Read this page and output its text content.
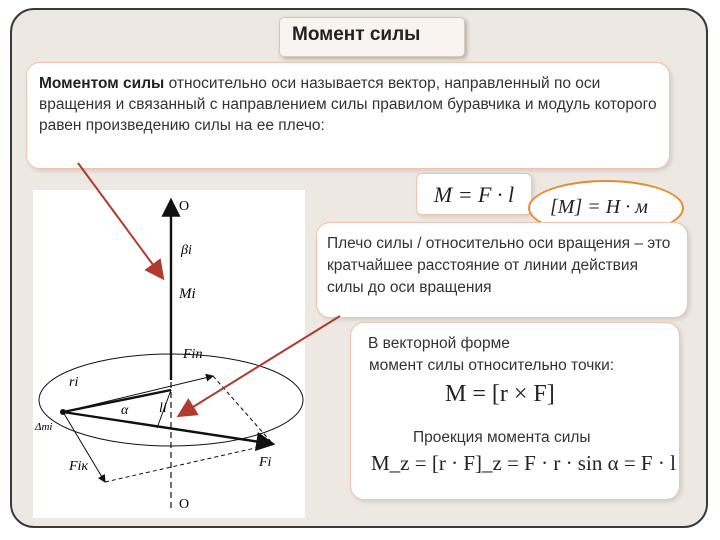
Момент силы
Моментом силы относительно оси называется вектор, направленный по оси вращения и связанный с направлением силы правилом буравчика и модуль которого равен произведению силы на ее плечо:
M = F · l	[M] = H · м
Плечо силы / относительно оси вращения – это кратчайшее расстояние от линии действия силы до оси вращения
В векторной форме
момент силы относительно точки:
M = [r × F]
Проекция момента силы
M_z = [r · F]_z = F · r · sin α = F · l
O
O
βi
Mi
Fin
ri
α li
Δmi
Fiк	Fi
